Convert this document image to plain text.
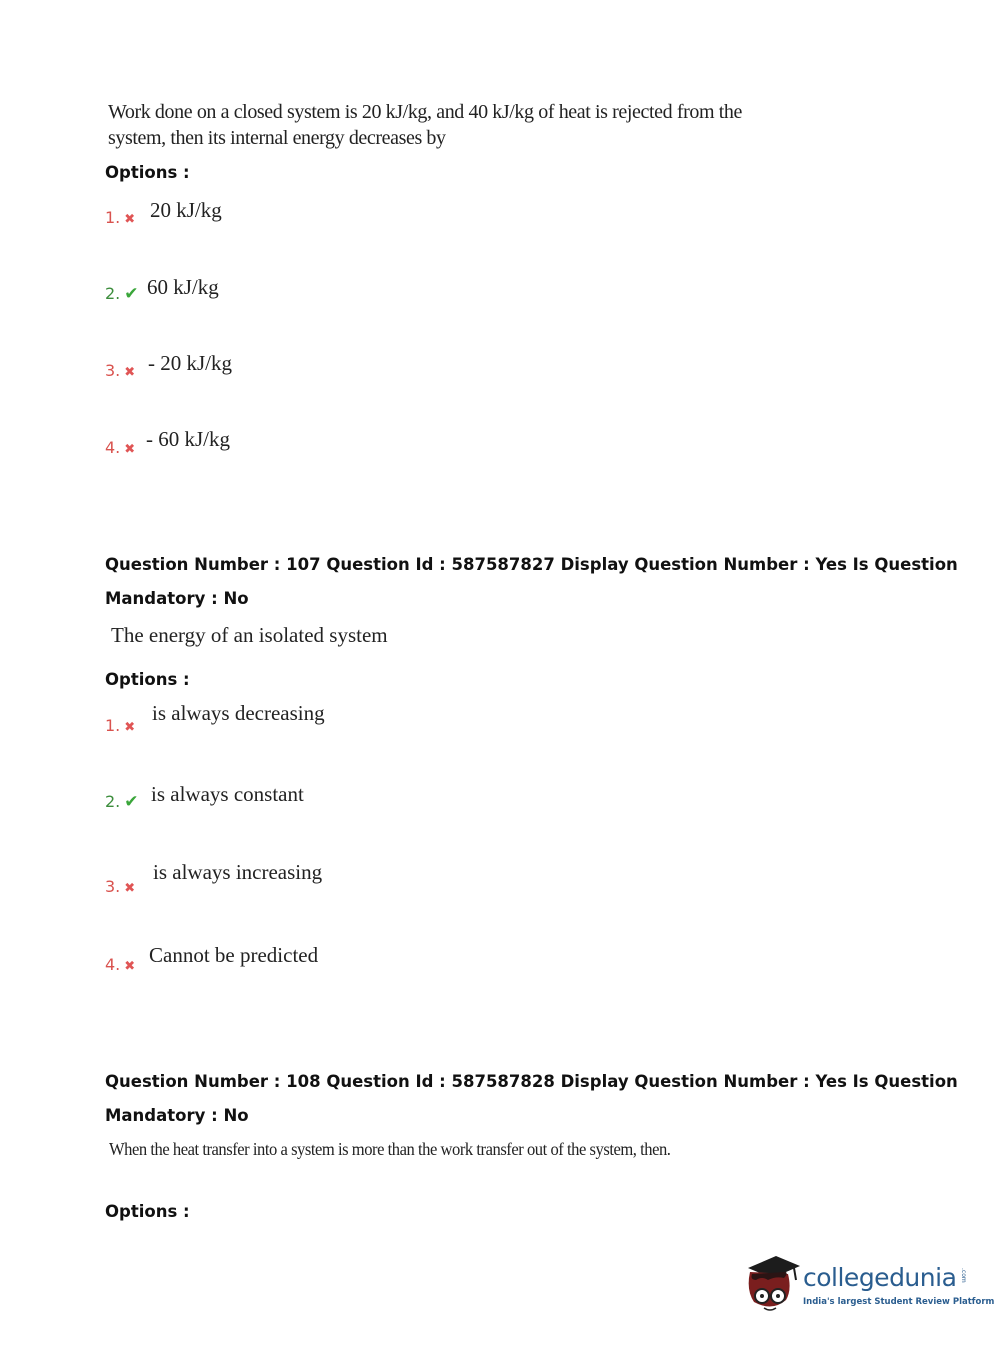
Work done on a closed system is 20 kJ/kg, and 40 kJ/kg of heat is rejected from the
system, then its internal energy decreases by
Options :
1. ✖ 20 kJ/kg
2. ✔ 60 kJ/kg
3. ✖ - 20 kJ/kg
4. ✖ - 60 kJ/kg
Question Number : 107 Question Id : 587587827 Display Question Number : Yes Is Question
Mandatory : No
The energy of an isolated system
Options :
1. ✖
is always decreasing
2. ✔ is always constant
3. ✖
is always increasing
4. ✖ Cannot be predicted
Question Number : 108 Question Id : 587587828 Display Question Number : Yes Is Question
Mandatory : No
When the heat transfer into a system is more than the work transfer out of the system, then.
Options :
collegedunia .com
India's largest Student Review Platform
